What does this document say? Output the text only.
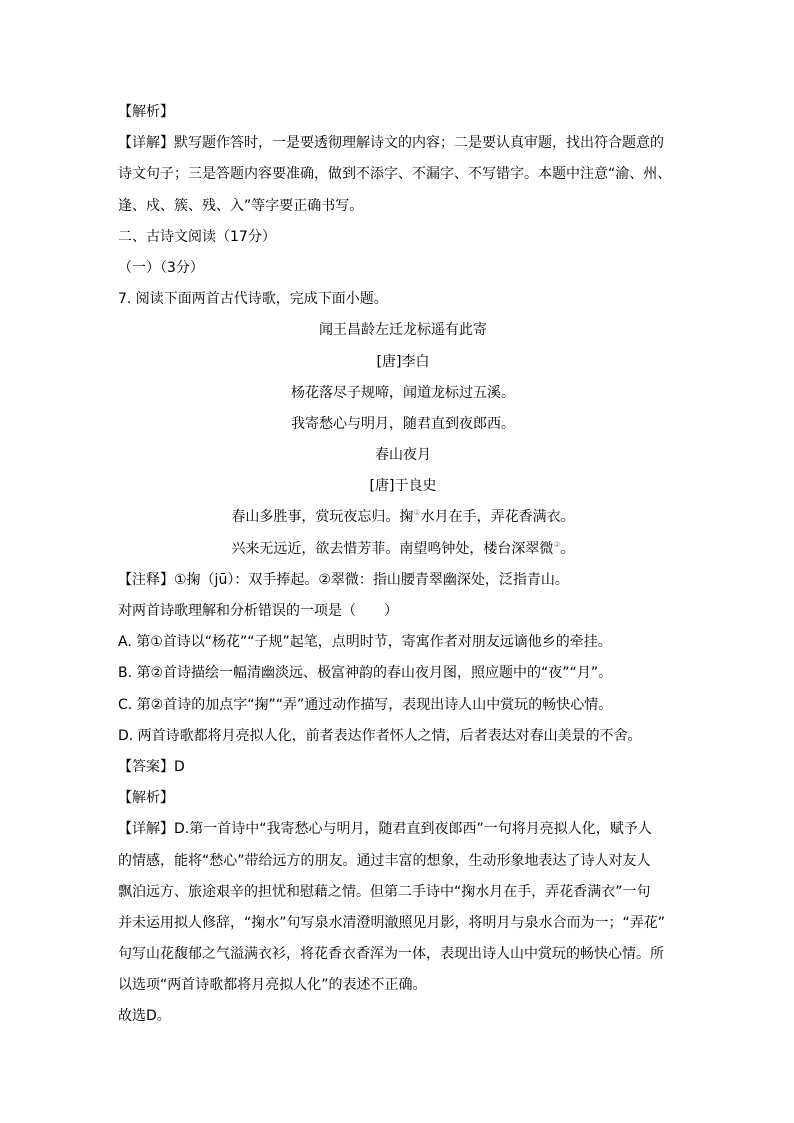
【解析】
【详解】默写题作答时，一是要透彻理解诗文的内容；二是要认真审题，找出符合题意的
诗文句子；三是答题内容要准确，做到不添字、不漏字、不写错字。本题中注意“渝、州、
逢、戍、簇、残、入”等字要正确书写。
二、古诗文阅读（17分）
（一）（3分）
7. 阅读下面两首古代诗歌，完成下面小题。
闻王昌龄左迁龙标遥有此寄
[唐]李白
杨花落尽子规啼，闻道龙标过五溪。
我寄愁心与明月，随君直到夜郎西。
春山夜月
[唐]于良史
春山多胜事，赏玩夜忘归。掬①水月在手，弄花香满衣。
兴来无远近，欲去惜芳菲。南望鸣钟处，楼台深翠微②。
【注释】①掬（jū）：双手捧起。②翠微：指山腰青翠幽深处，泛指青山。
对两首诗歌理解和分析错误的一项是（　　）
A. 第①首诗以“杨花”“子规”起笔，点明时节，寄寓作者对朋友远谪他乡的牵挂。
B. 第②首诗描绘一幅清幽淡远、极富神韵的春山夜月图，照应题中的“夜”“月”。
C. 第②首诗的加点字“掬”“弄”通过动作描写，表现出诗人山中赏玩的畅快心情。
D. 两首诗歌都将月亮拟人化，前者表达作者怀人之情，后者表达对春山美景的不舍。
【答案】D
【解析】
【详解】D.第一首诗中“我寄愁心与明月，随君直到夜郎西”一句将月亮拟人化，赋予人
的情感，能将“愁心”带给远方的朋友。通过丰富的想象，生动形象地表达了诗人对友人
飘泊远方、旅途艰辛的担忧和慰藉之情。但第二手诗中“掬水月在手，弄花香满衣”一句
并未运用拟人修辞，“掬水”句写泉水清澄明澈照见月影，将明月与泉水合而为一；“弄花”
句写山花馥郁之气溢满衣衫，将花香衣香浑为一体，表现出诗人山中赏玩的畅快心情。所
以选项“两首诗歌都将月亮拟人化”的表述不正确。
故选D。
